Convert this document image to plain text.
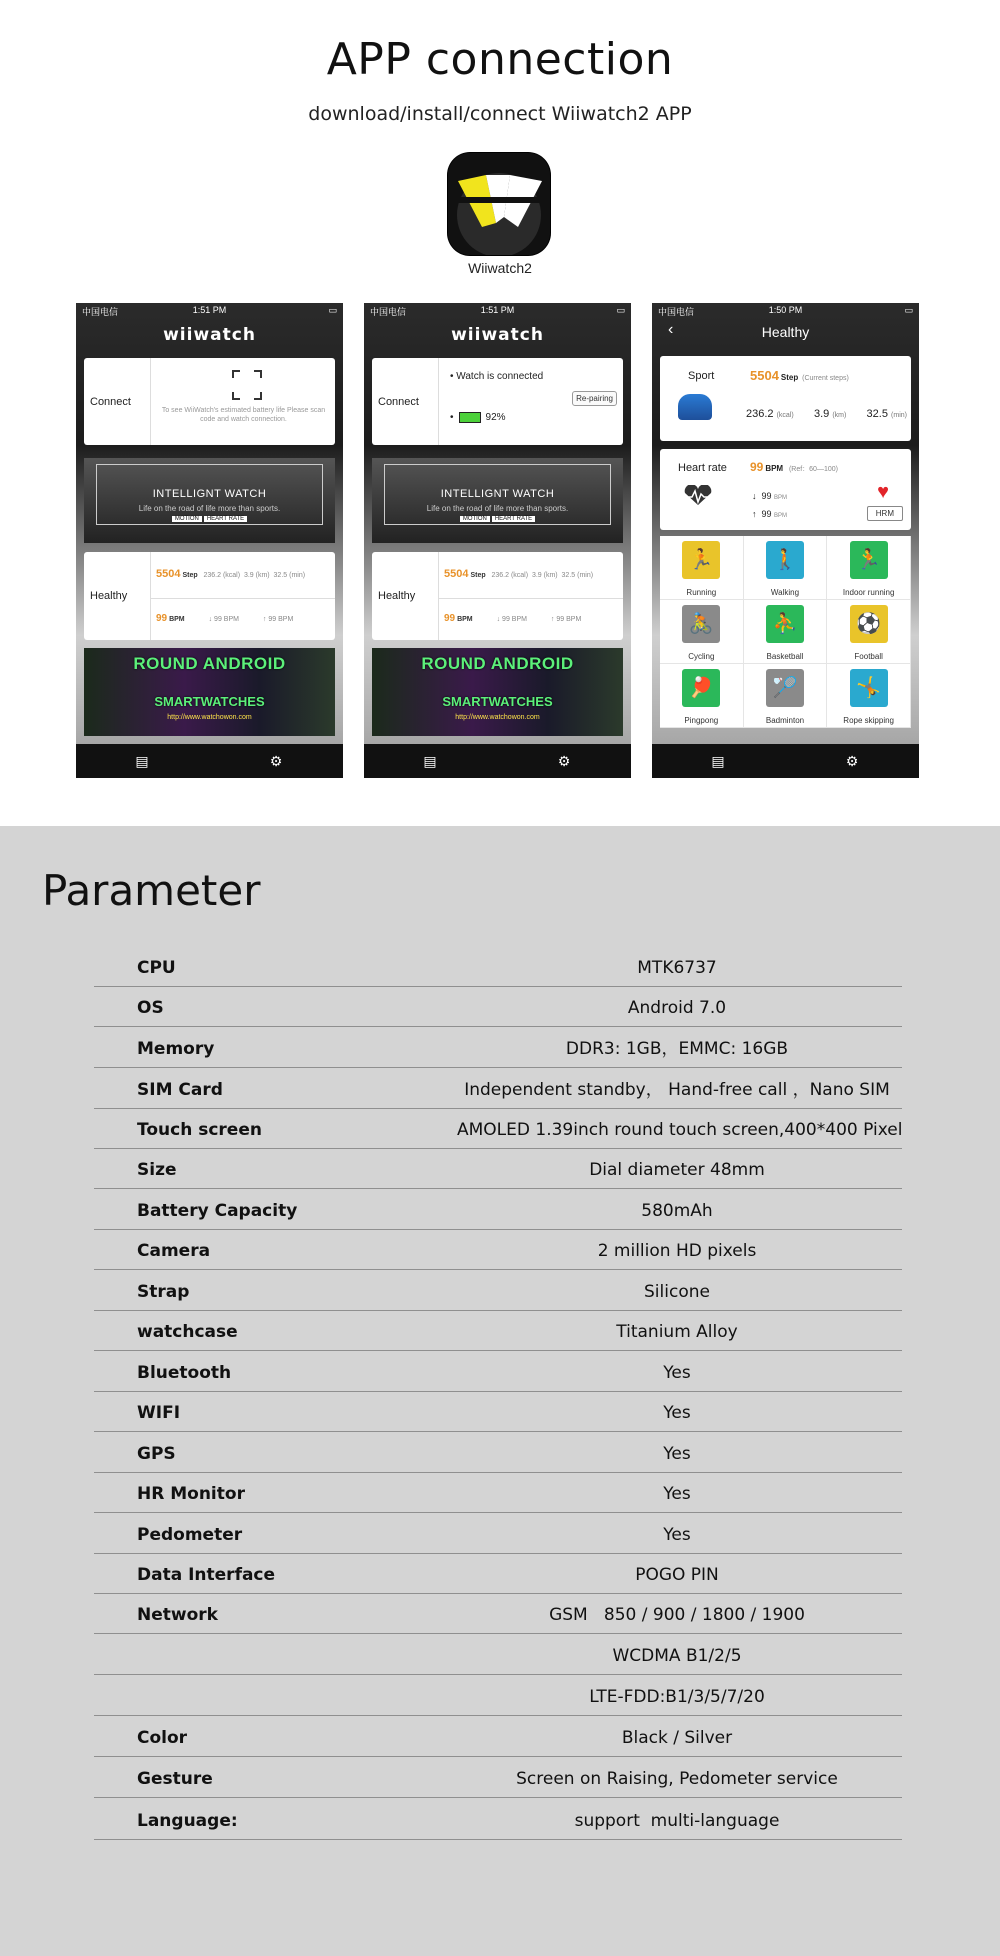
APP connection
download/install/connect Wiiwatch2 APP
Wiiwatch2
中国电信	1:51 PM	▭
wiiwatch
Connect
To see WiiWatch's estimated battery life Please scan code and watch connection.
INTELLIGNT WATCH
Life on the road of life more than sports.
MOTION HEART RATE
Healthy
5504 Step 236.2 (kcal) 3.9 (km) 32.5 (min)
99 BPM	↓ 99 BPM	↑ 99 BPM
ROUND ANDROID
SMARTWATCHES
http://www.watchowon.com
▤	⚙
中国电信	1:51 PM	▭
wiiwatch
Connect
• Watch is connected
Re-pairing
•	92%
INTELLIGNT WATCH
Life on the road of life more than sports.
MOTION HEART RATE
Healthy
5504 Step 236.2 (kcal) 3.9 (km) 32.5 (min)
99 BPM	↓ 99 BPM	↑ 99 BPM
ROUND ANDROID
SMARTWATCHES
http://www.watchowon.com
▤	⚙
中国电信	1:50 PM	▭
‹	Healthy
Sport	5504 Step (Current steps)
236.2 (kcal) 3.9 (km) 32.5 (min)
Heart rate 99 BPM (Ref：60—100)
↓ 99 BPM
↑ 99 BPM
♥
HRM
🏃
Running
🚶
Walking
🏃
Indoor running
🚴
Cycling
⛹
Basketball
⚽
Football
🏓
Pingpong
🏸
Badminton
🤸
Rope skipping
▤	⚙
Parameter
CPU	MTK6737
OS	Android 7.0
Memory	DDR3: 1GB，EMMC: 16GB
SIM Card	Independent standby， Hand-free call ，Nano SIM
Touch screen	AMOLED 1.39inch round touch screen,400*400 Pixel
Size	Dial diameter 48mm
Battery Capacity	580mAh
Camera	2 million HD pixels
Strap	Silicone
watchcase	Titanium Alloy
Bluetooth	Yes
WIFI	Yes
GPS	Yes
HR Monitor	Yes
Pedometer	Yes
Data Interface	POGO PIN
Network	GSM   850 / 900 / 1800 / 1900
WCDMA B1/2/5
LTE-FDD:B1/3/5/7/20
Color	Black / Silver
Gesture	Screen on Raising, Pedometer service
Language:	support  multi-language
